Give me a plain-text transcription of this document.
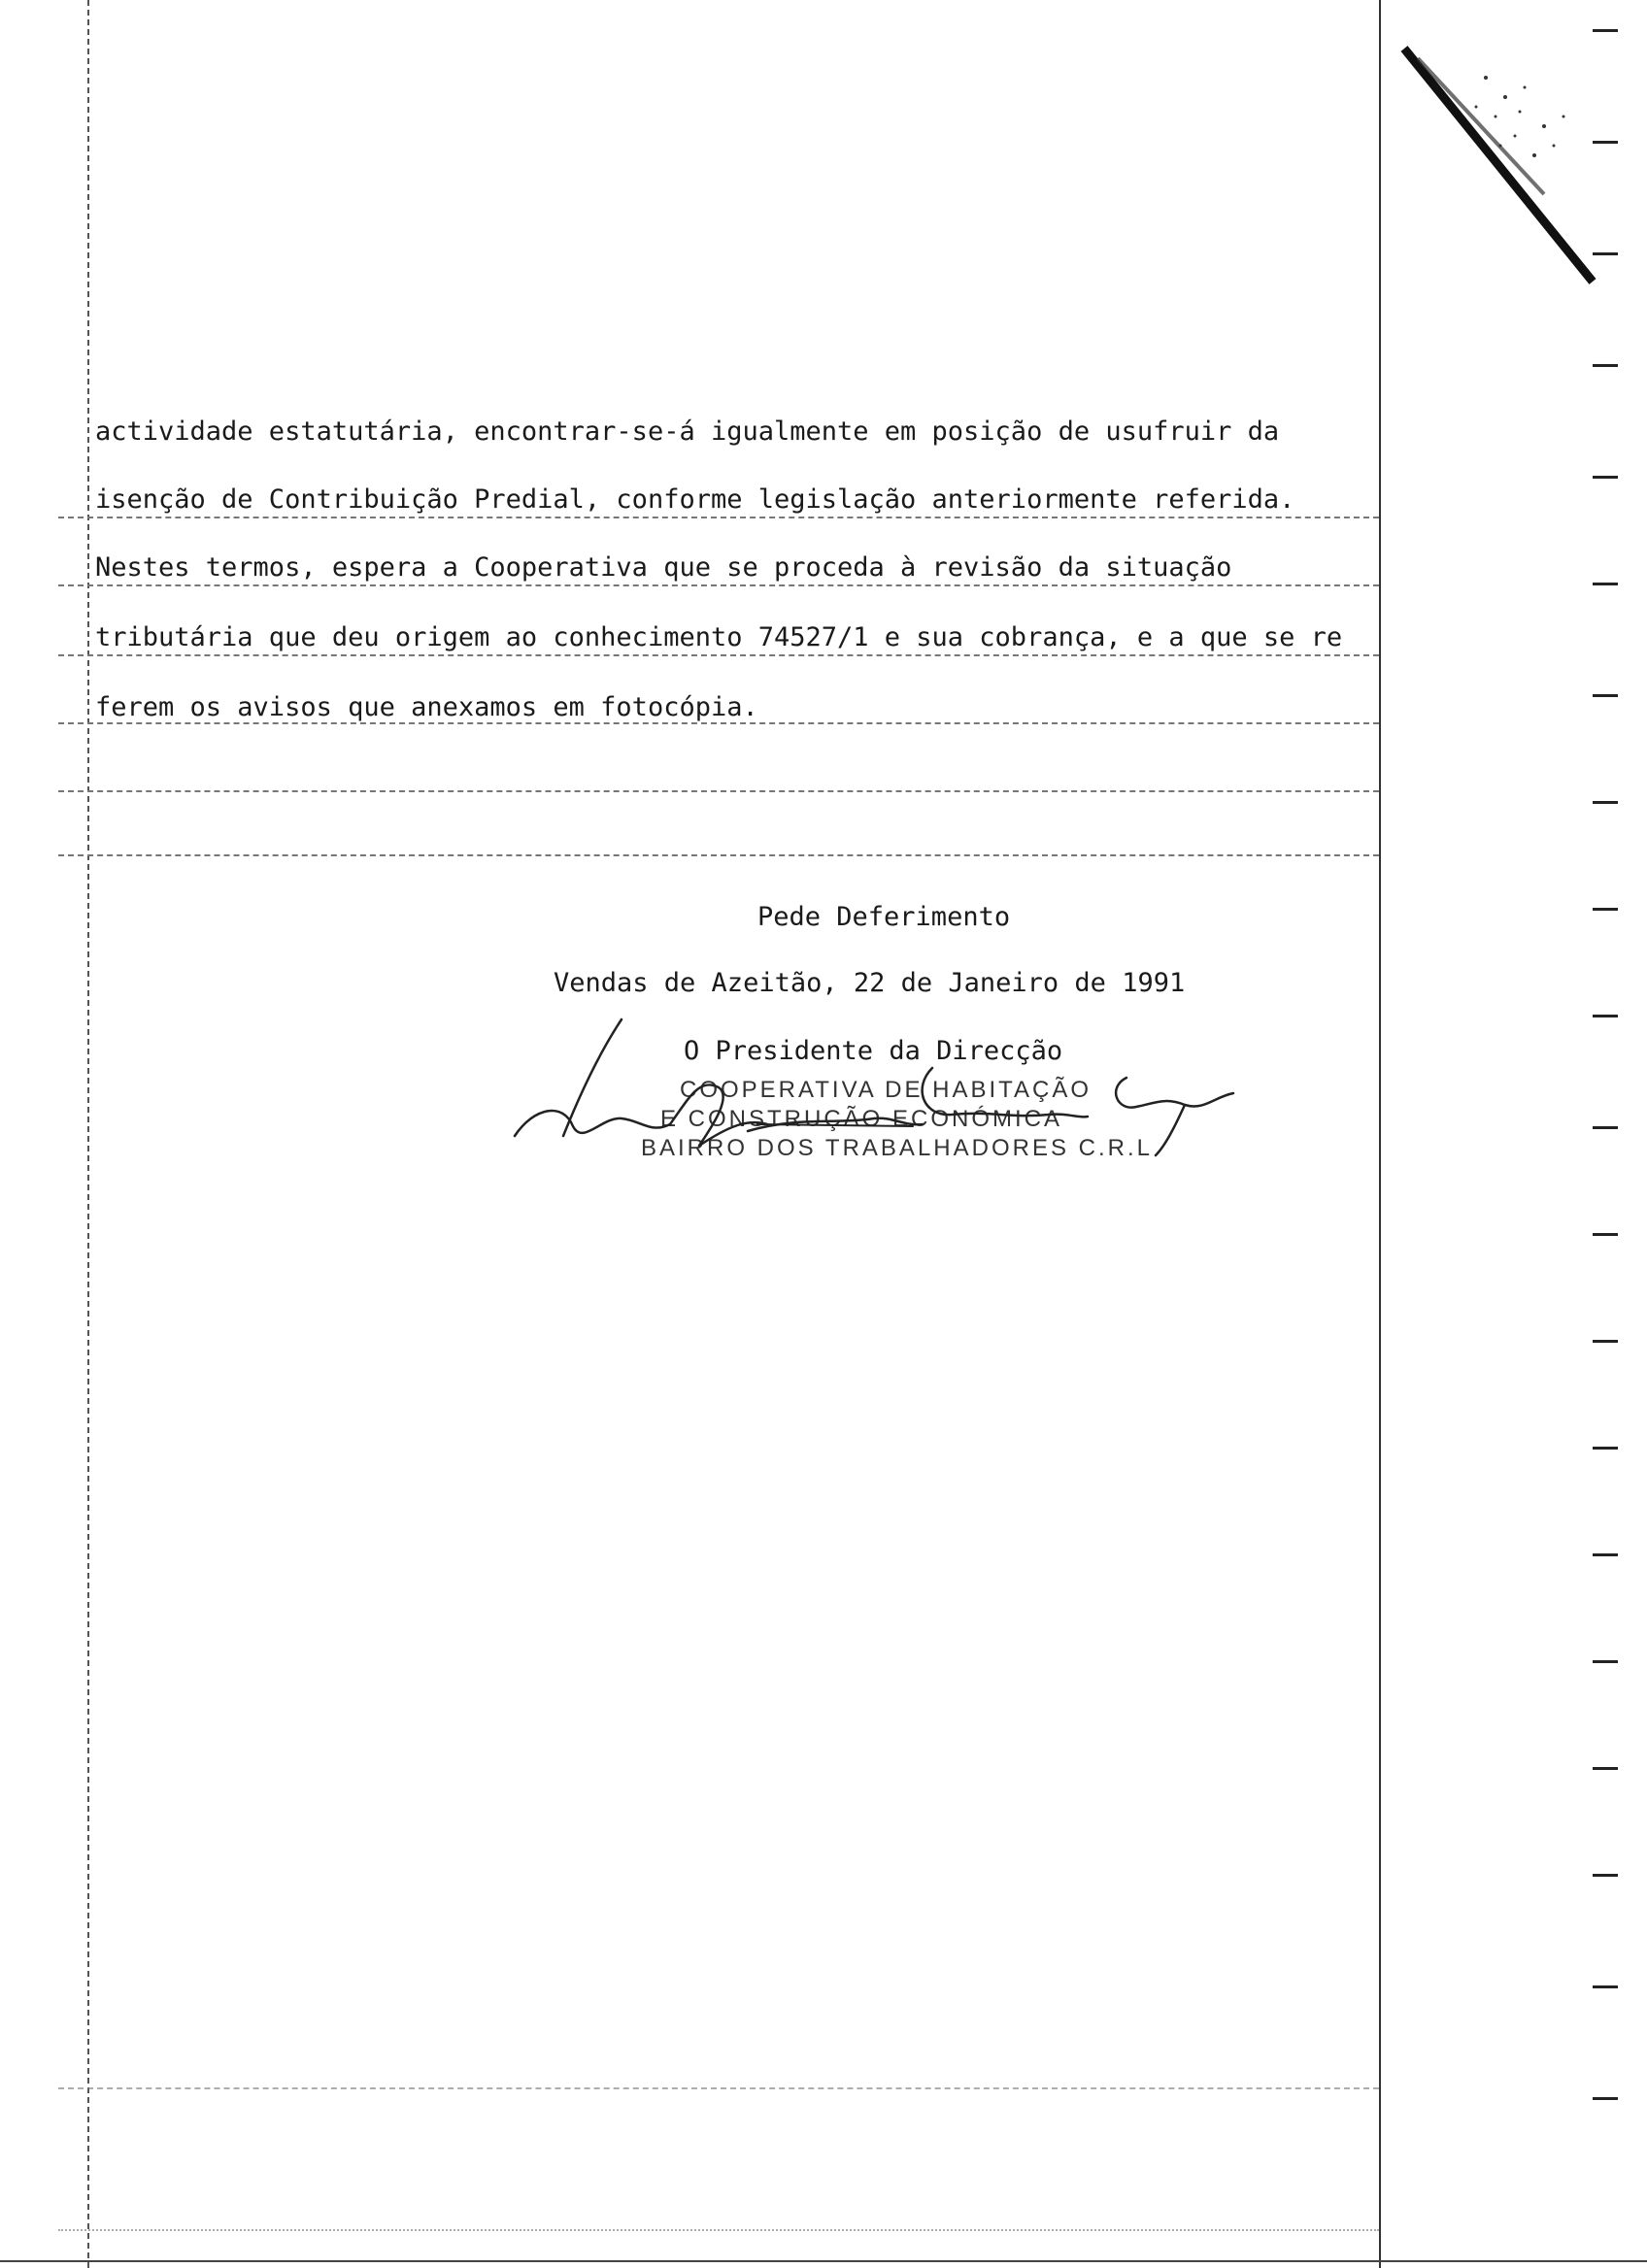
actividade estatutária, encontrar-se-á igualmente em posição de usufruir da
isenção de Contribuição Predial, conforme legislação anteriormente referida.
Nestes termos, espera a Cooperativa que se proceda à revisão da situação
tributária que deu origem ao conhecimento 74527/1 e sua cobrança, e a que se re
ferem os avisos que anexamos em fotocópia.
Pede Deferimento
Vendas de Azeitão, 22 de Janeiro de 1991
O Presidente da Direcção
COOPERATIVA DE HABITAÇÃO
E CONSTRUÇÃO ECONÓMICA
BAIRRO DOS TRABALHADORES C.R.L
